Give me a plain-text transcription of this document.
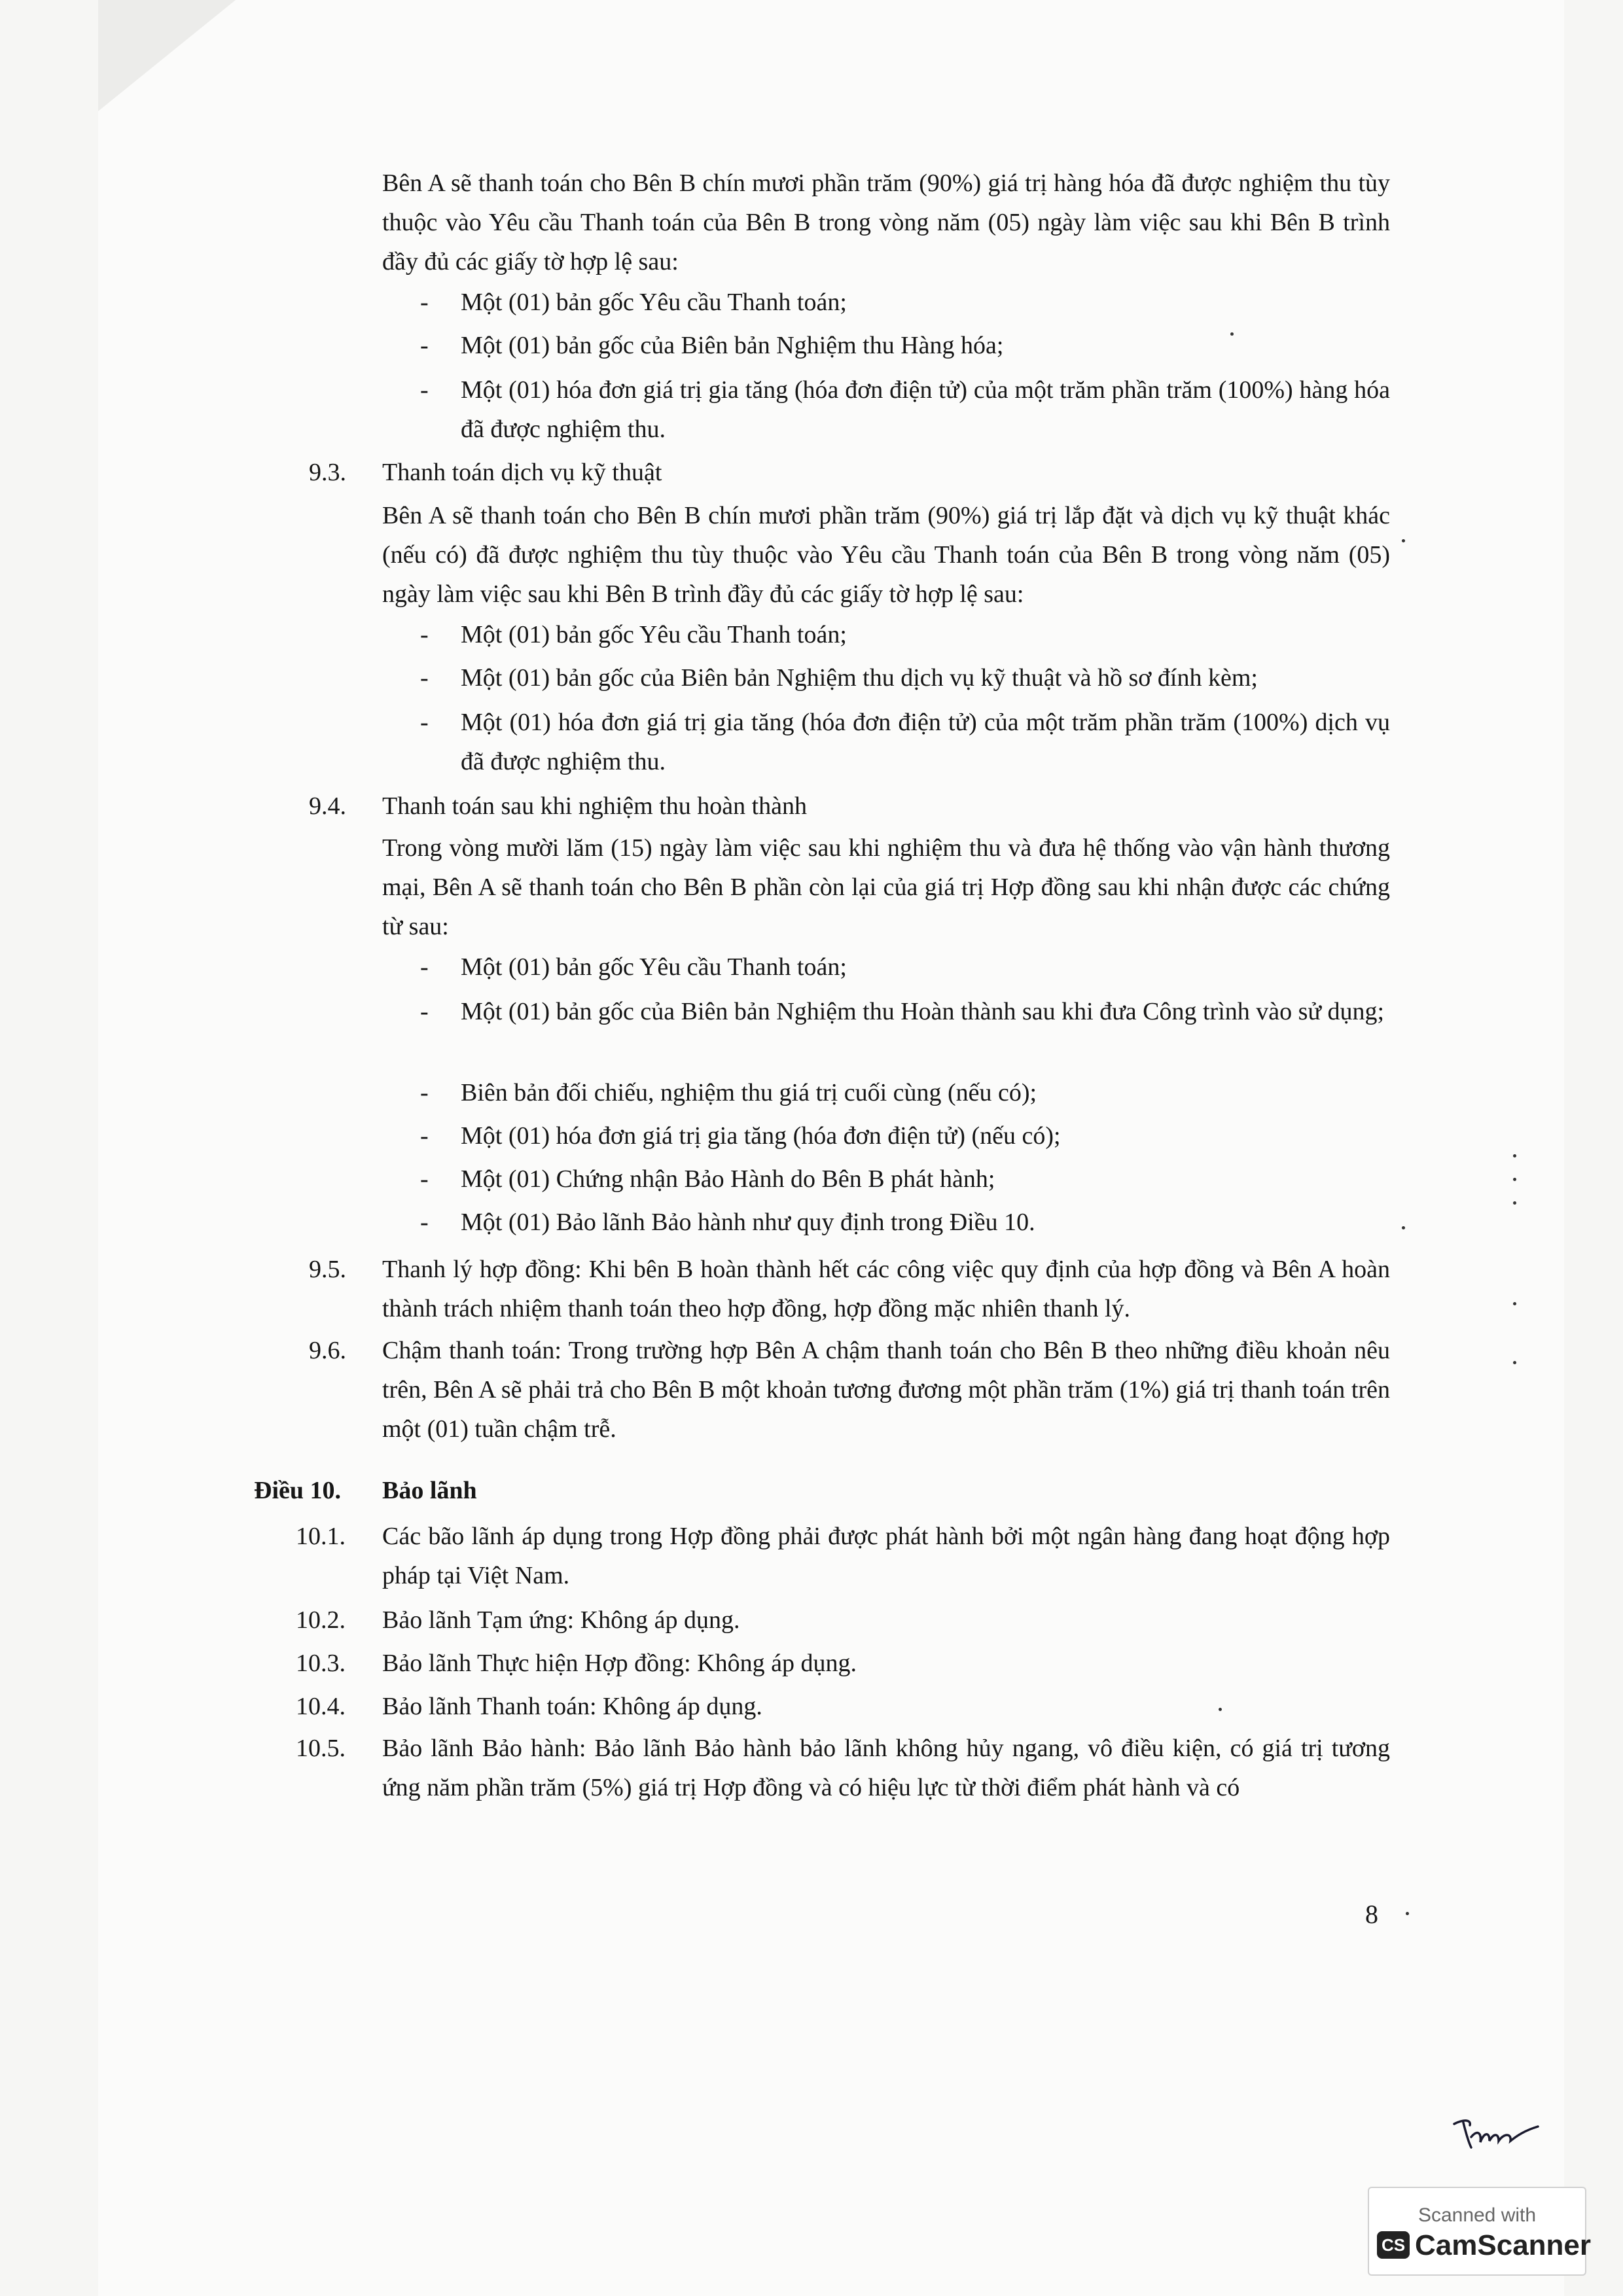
Bên A sẽ thanh toán cho Bên B chín mươi phần trăm (90%) giá trị hàng hóa đã được nghiệm thu tùy thuộc vào Yêu cầu Thanh toán của Bên B trong vòng năm (05) ngày làm việc sau khi Bên B trình đầy đủ các giấy tờ hợp lệ sau:
- Một (01) bản gốc Yêu cầu Thanh toán;
- Một (01) bản gốc của Biên bản Nghiệm thu Hàng hóa;
- Một (01) hóa đơn giá trị gia tăng (hóa đơn điện tử) của một trăm phần trăm (100%) hàng hóa đã được nghiệm thu.
9.3.	Thanh toán dịch vụ kỹ thuật
Bên A sẽ thanh toán cho Bên B chín mươi phần trăm (90%) giá trị lắp đặt và dịch vụ kỹ thuật khác (nếu có) đã được nghiệm thu tùy thuộc vào Yêu cầu Thanh toán của Bên B trong vòng năm (05) ngày làm việc sau khi Bên B trình đầy đủ các giấy tờ hợp lệ sau:
- Một (01) bản gốc Yêu cầu Thanh toán;
- Một (01) bản gốc của Biên bản Nghiệm thu dịch vụ kỹ thuật và hồ sơ đính kèm;
- Một (01) hóa đơn giá trị gia tăng (hóa đơn điện tử) của một trăm phần trăm (100%) dịch vụ đã được nghiệm thu.
9.4.	Thanh toán sau khi nghiệm thu hoàn thành
Trong vòng mười lăm (15) ngày làm việc sau khi nghiệm thu và đưa hệ thống vào vận hành thương mại, Bên A sẽ thanh toán cho Bên B phần còn lại của giá trị Hợp đồng sau khi nhận được các chứng từ sau:
- Một (01) bản gốc Yêu cầu Thanh toán;
- Một (01) bản gốc của Biên bản Nghiệm thu Hoàn thành sau khi đưa Công trình vào sử dụng;
- Biên bản đối chiếu, nghiệm thu giá trị cuối cùng (nếu có);
- Một (01) hóa đơn giá trị gia tăng (hóa đơn điện tử) (nếu có);
- Một (01) Chứng nhận Bảo Hành do Bên B phát hành;
- Một (01) Bảo lãnh Bảo hành như quy định trong Điều 10.
9.5.	Thanh lý hợp đồng: Khi bên B hoàn thành hết các công việc quy định của hợp đồng và Bên A hoàn thành trách nhiệm thanh toán theo hợp đồng, hợp đồng mặc nhiên thanh lý.
9.6.	Chậm thanh toán: Trong trường hợp Bên A chậm thanh toán cho Bên B theo những điều khoản nêu trên, Bên A sẽ phải trả cho Bên B một khoản tương đương một phần trăm (1%) giá trị thanh toán trên một (01) tuần chậm trễ.
Điều 10.	Bảo lãnh
10.1.	Các bão lãnh áp dụng trong Hợp đồng phải được phát hành bởi một ngân hàng đang hoạt động hợp pháp tại Việt Nam.
10.2.	Bảo lãnh Tạm ứng: Không áp dụng.
10.3.	Bảo lãnh Thực hiện Hợp đồng: Không áp dụng.
10.4.	Bảo lãnh Thanh toán: Không áp dụng.
10.5.	Bảo lãnh Bảo hành: Bảo lãnh Bảo hành bảo lãnh không hủy ngang, vô điều kiện, có giá trị tương ứng năm phần trăm (5%) giá trị Hợp đồng và có hiệu lực từ thời điểm phát hành và có
8
Scanned with
CS CamScanner
